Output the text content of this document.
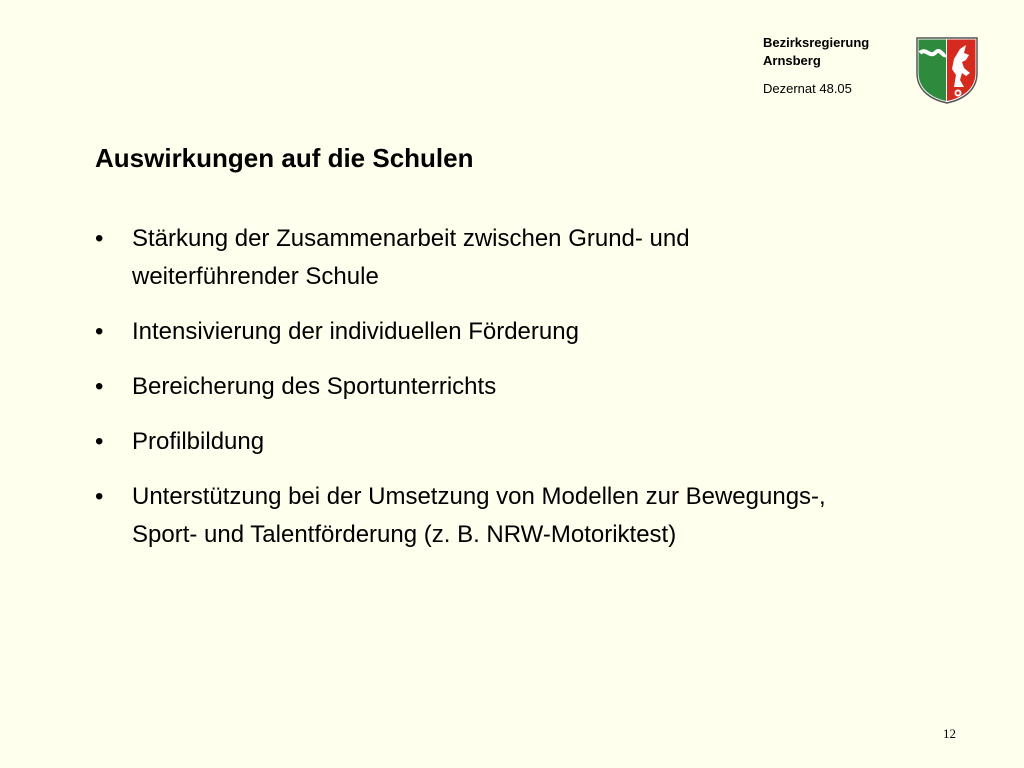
Bezirksregierung
Arnsberg
Dezernat 48.05
Auswirkungen auf die Schulen
• Stärkung der Zusammenarbeit zwischen Grund- und
weiterführender Schule
• Intensivierung der individuellen Förderung
• Bereicherung des Sportunterrichts
• Profilbildung
• Unterstützung bei der Umsetzung von Modellen zur Bewegungs-,
Sport- und Talentförderung (z. B. NRW-Motoriktest)
12
